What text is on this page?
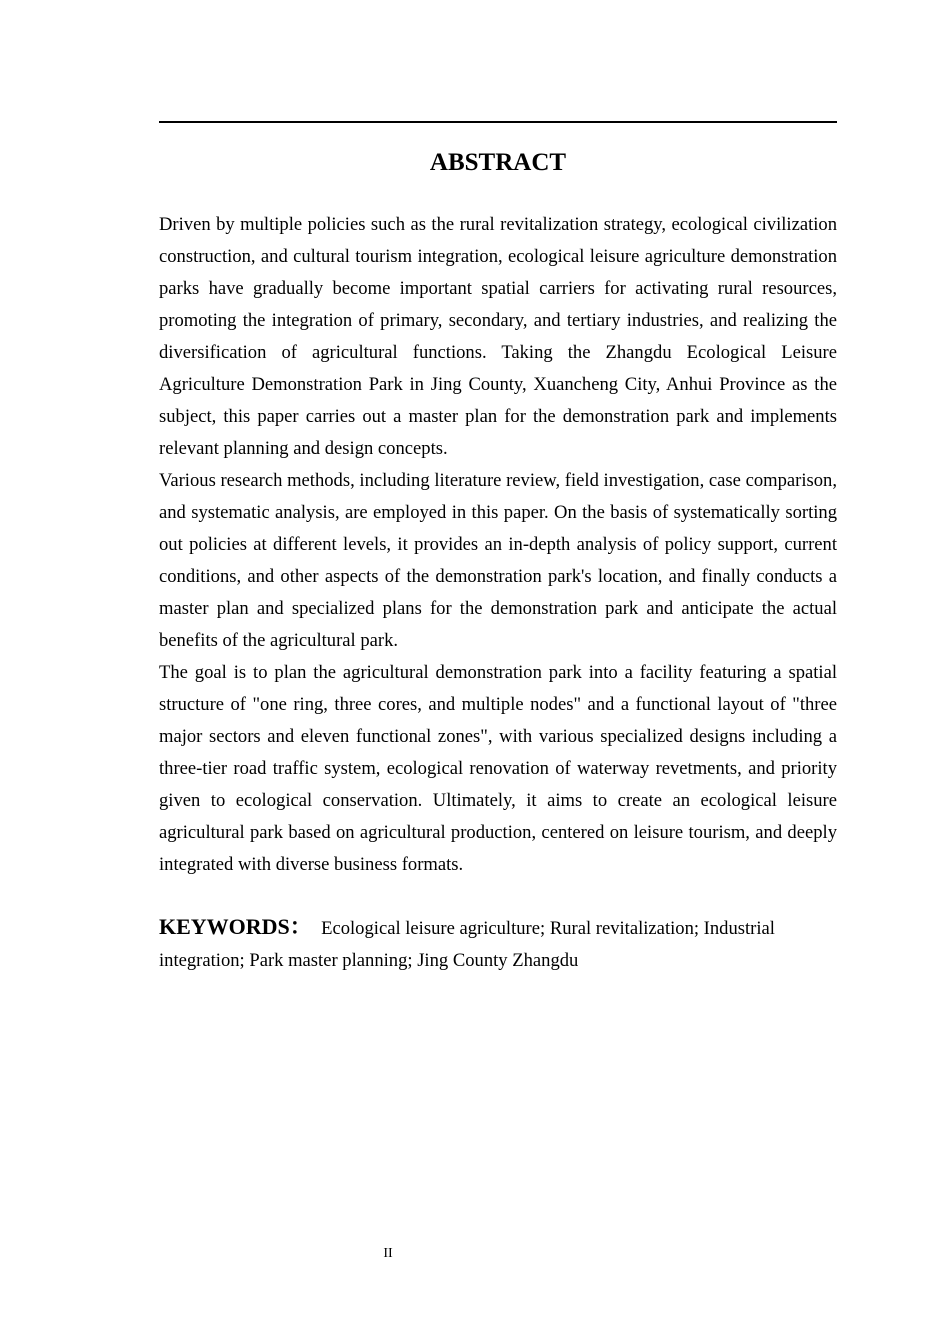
ABSTRACT

Driven by multiple policies such as the rural revitalization strategy, ecological civilization construction, and cultural tourism integration, ecological leisure agriculture demonstration parks have gradually become important spatial carriers for activating rural resources, promoting the integration of primary, secondary, and tertiary industries, and realizing the diversification of agricultural functions. Taking the Zhangdu Ecological Leisure Agriculture Demonstration Park in Jing County, Xuancheng City, Anhui Province as the subject, this paper carries out a master plan for the demonstration park and implements relevant planning and design concepts.

Various research methods, including literature review, field investigation, case comparison, and systematic analysis, are employed in this paper. On the basis of systematically sorting out policies at different levels, it provides an in-depth analysis of policy support, current conditions, and other aspects of the demonstration park's location, and finally conducts a master plan and specialized plans for the demonstration park and anticipate the actual benefits of the agricultural park.

The goal is to plan the agricultural demonstration park into a facility featuring a spatial structure of "one ring, three cores, and multiple nodes" and a functional layout of "three major sectors and eleven functional zones", with various specialized designs including a three-tier road traffic system, ecological renovation of waterway revetments, and priority given to ecological conservation. Ultimately, it aims to create an ecological leisure agricultural park based on agricultural production, centered on leisure tourism, and deeply integrated with diverse business formats.

KEYWORDS： Ecological leisure agriculture; Rural revitalization; Industrial integration; Park master planning; Jing County Zhangdu
II
